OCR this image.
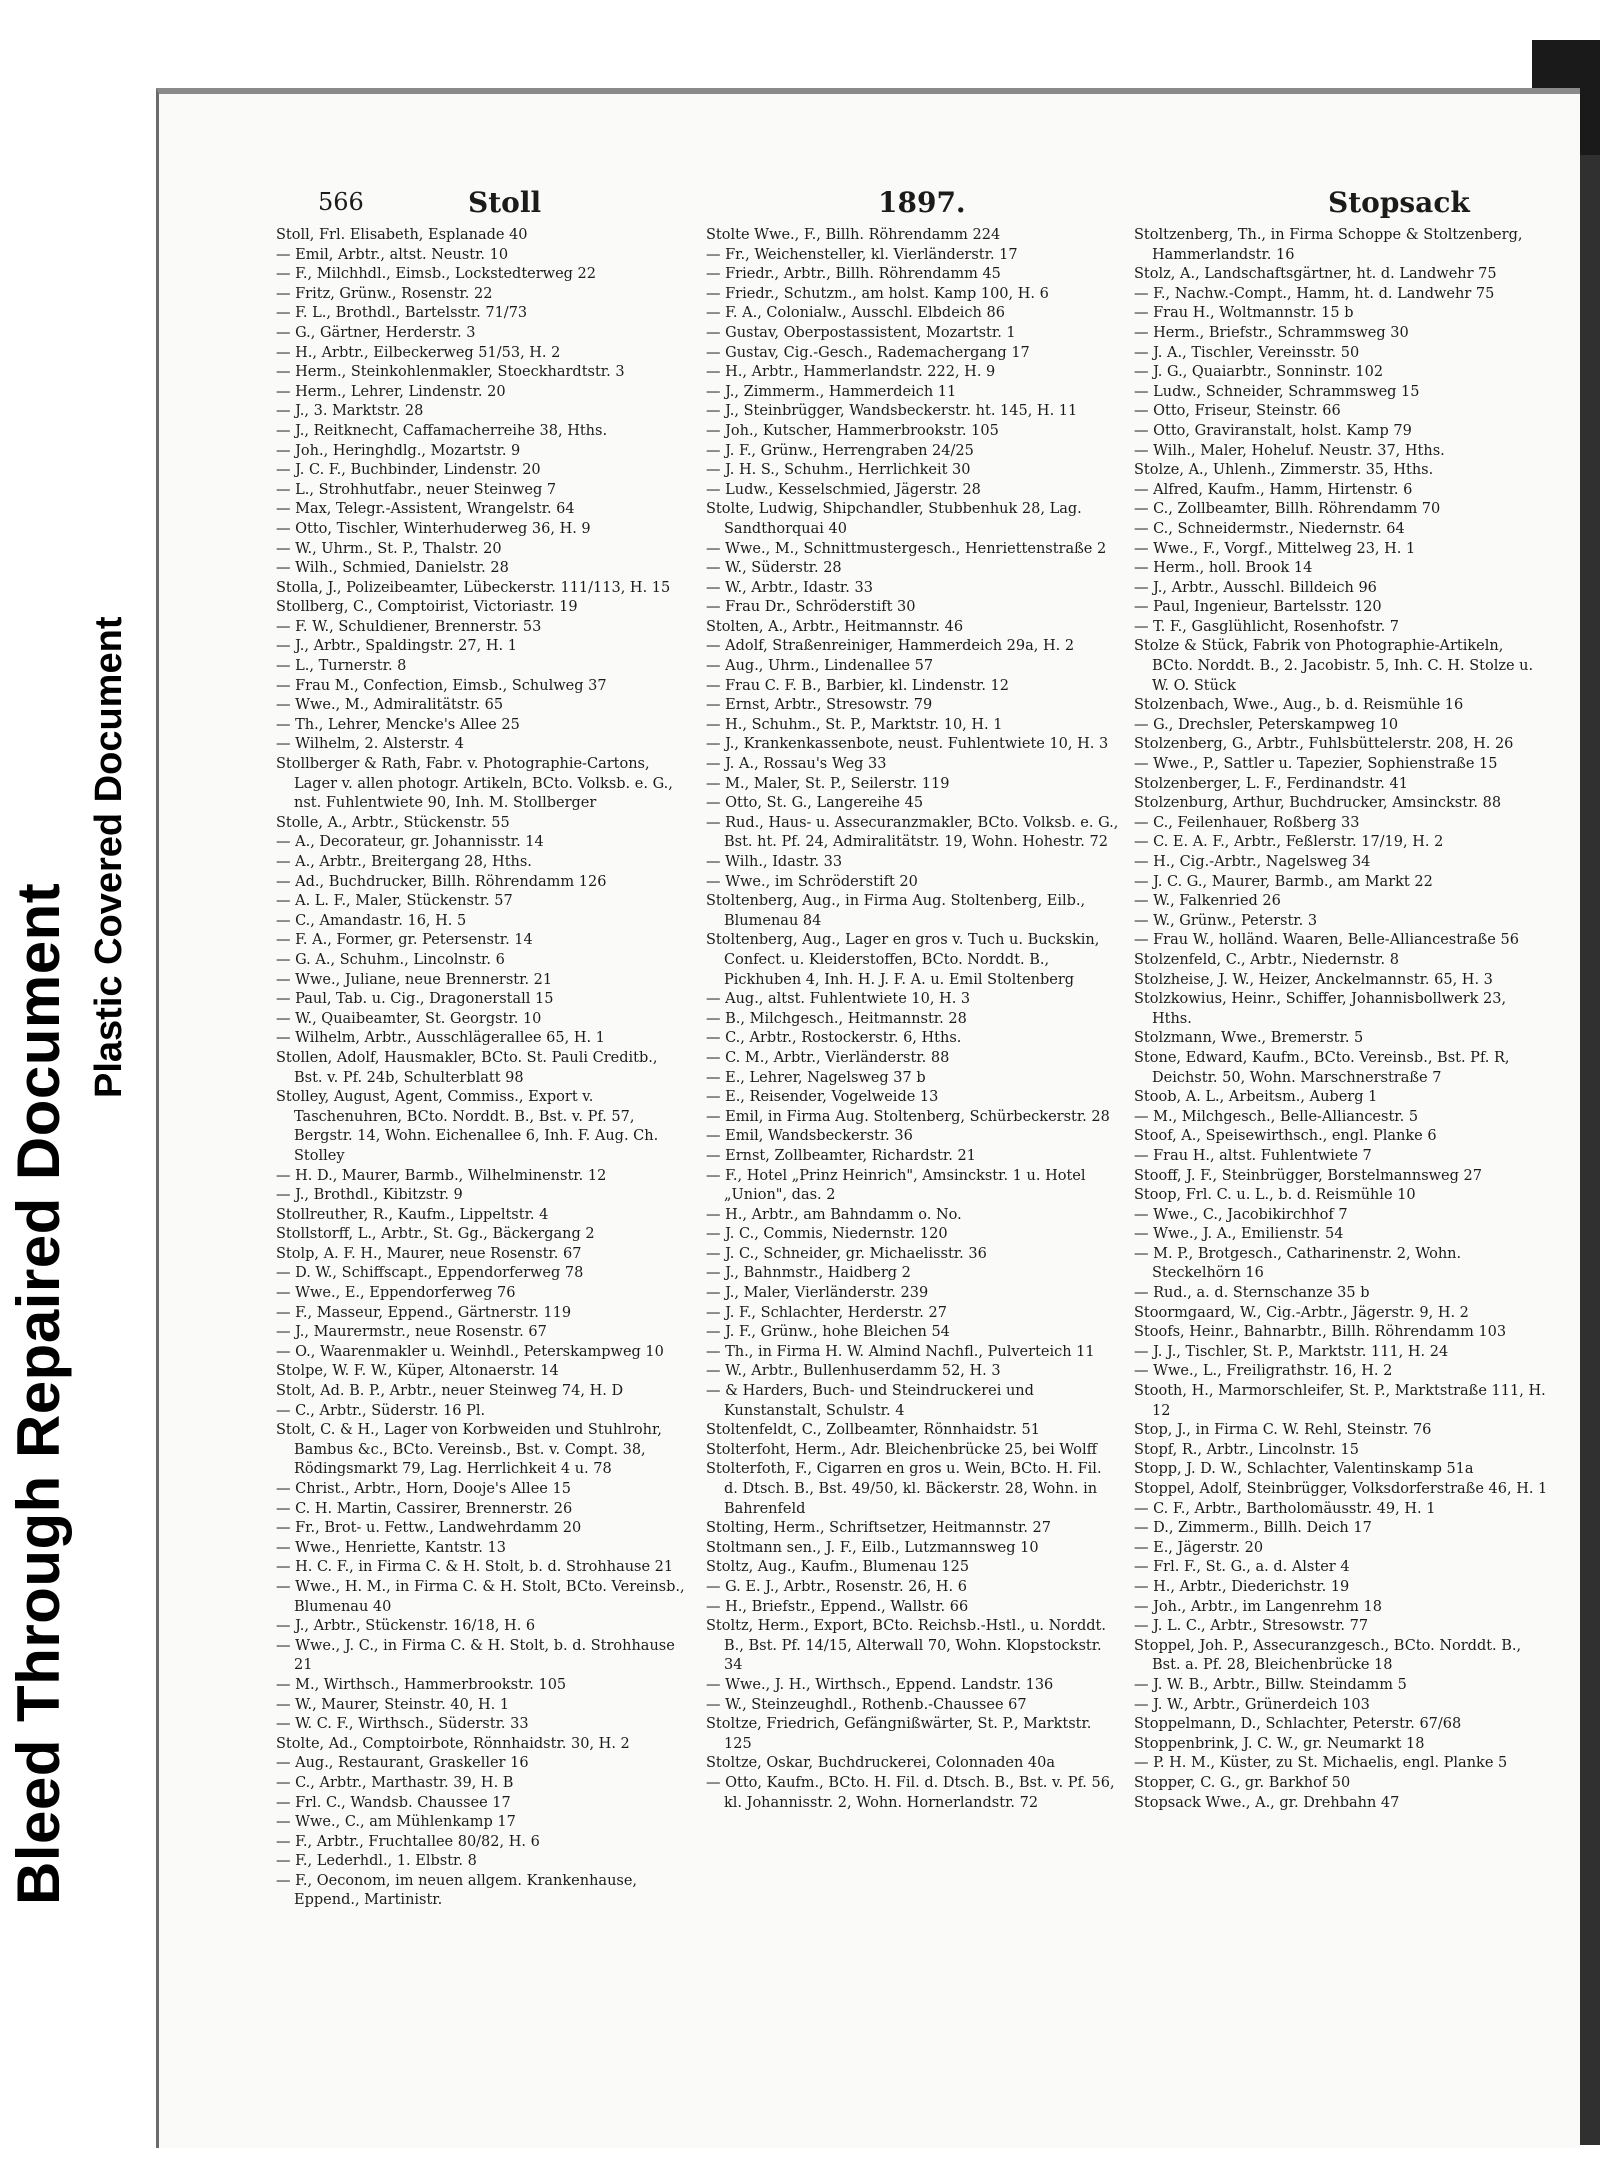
Bleed Through Repaired Document
Plastic Covered Document
566	Stoll	1897.	Stopsack

Stoll, Frl. Elisabeth, Esplanade 40

— Emil, Arbtr., altst. Neustr. 10

— F., Milchhdl., Eimsb., Lockstedterweg 22

— Fritz, Grünw., Rosenstr. 22

— F. L., Brothdl., Bartelsstr. 71/73

— G., Gärtner, Herderstr. 3

— H., Arbtr., Eilbeckerweg 51/53, H. 2

— Herm., Steinkohlenmakler, Stoeckhardtstr. 3

— Herm., Lehrer, Lindenstr. 20

— J., 3. Marktstr. 28

— J., Reitknecht, Caffamacherreihe 38, Hths.

— Joh., Heringhdlg., Mozartstr. 9

— J. C. F., Buchbinder, Lindenstr. 20

— L., Strohhutfabr., neuer Steinweg 7

— Max, Telegr.-Assistent, Wrangelstr. 64

— Otto, Tischler, Winterhuderweg 36, H. 9

— W., Uhrm., St. P., Thalstr. 20

— Wilh., Schmied, Danielstr. 28

Stolla, J., Polizeibeamter, Lübeckerstr. 111/113, H. 15

Stollberg, C., Comptoirist, Victoriastr. 19

— F. W., Schuldiener, Brennerstr. 53

— J., Arbtr., Spaldingstr. 27, H. 1

— L., Turnerstr. 8

— Frau M., Confection, Eimsb., Schulweg 37

— Wwe., M., Admiralitätstr. 65

— Th., Lehrer, Mencke's Allee 25

— Wilhelm, 2. Alsterstr. 4

Stollberger & Rath, Fabr. v. Photographie-Cartons, Lager v. allen photogr. Artikeln, BCto. Volksb. e. G., nst. Fuhlentwiete 90, Inh. M. Stollberger

Stolle, A., Arbtr., Stückenstr. 55

— A., Decorateur, gr. Johannisstr. 14

— A., Arbtr., Breitergang 28, Hths.

— Ad., Buchdrucker, Billh. Röhrendamm 126

— A. L. F., Maler, Stückenstr. 57

— C., Amandastr. 16, H. 5

— F. A., Former, gr. Petersenstr. 14

— G. A., Schuhm., Lincolnstr. 6

— Wwe., Juliane, neue Brennerstr. 21

— Paul, Tab. u. Cig., Dragonerstall 15

— W., Quaibeamter, St. Georgstr. 10

— Wilhelm, Arbtr., Ausschlägerallee 65, H. 1

Stollen, Adolf, Hausmakler, BCto. St. Pauli Creditb., Bst. v. Pf. 24b, Schulterblatt 98

Stolley, August, Agent, Commiss., Export v. Taschenuhren, BCto. Norddt. B., Bst. v. Pf. 57, Bergstr. 14, Wohn. Eichenallee 6, Inh. F. Aug. Ch. Stolley

— H. D., Maurer, Barmb., Wilhelminenstr. 12

— J., Brothdl., Kibitzstr. 9

Stollreuther, R., Kaufm., Lippeltstr. 4

Stollstorff, L., Arbtr., St. Gg., Bäckergang 2

Stolp, A. F. H., Maurer, neue Rosenstr. 67

— D. W., Schiffscapt., Eppendorferweg 78

— Wwe., E., Eppendorferweg 76

— F., Masseur, Eppend., Gärtnerstr. 119

— J., Maurermstr., neue Rosenstr. 67

— O., Waarenmakler u. Weinhdl., Peterskampweg 10

Stolpe, W. F. W., Küper, Altonaerstr. 14

Stolt, Ad. B. P., Arbtr., neuer Steinweg 74, H. D

— C., Arbtr., Süderstr. 16 Pl.

Stolt, C. & H., Lager von Korbweiden und Stuhlrohr, Bambus &c., BCto. Vereinsb., Bst. v. Compt. 38, Rödingsmarkt 79, Lag. Herrlichkeit 4 u. 78

— Christ., Arbtr., Horn, Dooje's Allee 15

— C. H. Martin, Cassirer, Brennerstr. 26

— Fr., Brot- u. Fettw., Landwehrdamm 20

— Wwe., Henriette, Kantstr. 13

— H. C. F., in Firma C. & H. Stolt, b. d. Strohhause 21

— Wwe., H. M., in Firma C. & H. Stolt, BCto. Vereinsb., Blumenau 40

— J., Arbtr., Stückenstr. 16/18, H. 6

— Wwe., J. C., in Firma C. & H. Stolt, b. d. Strohhause 21

— M., Wirthsch., Hammerbrookstr. 105

— W., Maurer, Steinstr. 40, H. 1

— W. C. F., Wirthsch., Süderstr. 33

Stolte, Ad., Comptoirbote, Rönnhaidstr. 30, H. 2

— Aug., Restaurant, Graskeller 16

— C., Arbtr., Marthastr. 39, H. B

— Frl. C., Wandsb. Chaussee 17

— Wwe., C., am Mühlenkamp 17

— F., Arbtr., Fruchtallee 80/82, H. 6

— F., Lederhdl., 1. Elbstr. 8

— F., Oeconom, im neuen allgem. Krankenhause, Eppend., Martinistr.

Stolte Wwe., F., Billh. Röhrendamm 224

— Fr., Weichensteller, kl. Vierländerstr. 17

— Friedr., Arbtr., Billh. Röhrendamm 45

— Friedr., Schutzm., am holst. Kamp 100, H. 6

— F. A., Colonialw., Ausschl. Elbdeich 86

— Gustav, Oberpostassistent, Mozartstr. 1

— Gustav, Cig.-Gesch., Rademachergang 17

— H., Arbtr., Hammerlandstr. 222, H. 9

— J., Zimmerm., Hammerdeich 11

— J., Steinbrügger, Wandsbeckerstr. ht. 145, H. 11

— Joh., Kutscher, Hammerbrookstr. 105

— J. F., Grünw., Herrengraben 24/25

— J. H. S., Schuhm., Herrlichkeit 30

— Ludw., Kesselschmied, Jägerstr. 28

Stolte, Ludwig, Shipchandler, Stubbenhuk 28, Lag. Sandthorquai 40

— Wwe., M., Schnittmustergesch., Henriettenstraße 2

— W., Süderstr. 28

— W., Arbtr., Idastr. 33

— Frau Dr., Schröderstift 30

Stolten, A., Arbtr., Heitmannstr. 46

— Adolf, Straßenreiniger, Hammerdeich 29a, H. 2

— Aug., Uhrm., Lindenallee 57

— Frau C. F. B., Barbier, kl. Lindenstr. 12

— Ernst, Arbtr., Stresowstr. 79

— H., Schuhm., St. P., Marktstr. 10, H. 1

— J., Krankenkassenbote, neust. Fuhlentwiete 10, H. 3

— J. A., Rossau's Weg 33

— M., Maler, St. P., Seilerstr. 119

— Otto, St. G., Langereihe 45

— Rud., Haus- u. Assecuranzmakler, BCto. Volksb. e. G., Bst. ht. Pf. 24, Admiralitätstr. 19, Wohn. Hohestr. 72

— Wilh., Idastr. 33

— Wwe., im Schröderstift 20

Stoltenberg, Aug., in Firma Aug. Stoltenberg, Eilb., Blumenau 84

Stoltenberg, Aug., Lager en gros v. Tuch u. Buckskin, Confect. u. Kleiderstoffen, BCto. Norddt. B., Pickhuben 4, Inh. H. J. F. A. u. Emil Stoltenberg

— Aug., altst. Fuhlentwiete 10, H. 3

— B., Milchgesch., Heitmannstr. 28

— C., Arbtr., Rostockerstr. 6, Hths.

— C. M., Arbtr., Vierländerstr. 88

— E., Lehrer, Nagelsweg 37 b

— E., Reisender, Vogelweide 13

— Emil, in Firma Aug. Stoltenberg, Schürbeckerstr. 28

— Emil, Wandsbeckerstr. 36

— Ernst, Zollbeamter, Richardstr. 21

— F., Hotel „Prinz Heinrich", Amsinckstr. 1 u. Hotel „Union", das. 2

— H., Arbtr., am Bahndamm o. No.

— J. C., Commis, Niedernstr. 120

— J. C., Schneider, gr. Michaelisstr. 36

— J., Bahnmstr., Haidberg 2

— J., Maler, Vierländerstr. 239

— J. F., Schlachter, Herderstr. 27

— J. F., Grünw., hohe Bleichen 54

— Th., in Firma H. W. Almind Nachfl., Pulverteich 11

— W., Arbtr., Bullenhuserdamm 52, H. 3

— & Harders, Buch- und Steindruckerei und Kunstanstalt, Schulstr. 4

Stoltenfeldt, C., Zollbeamter, Rönnhaidstr. 51

Stolterfoht, Herm., Adr. Bleichenbrücke 25, bei Wolff

Stolterfoth, F., Cigarren en gros u. Wein, BCto. H. Fil. d. Dtsch. B., Bst. 49/50, kl. Bäckerstr. 28, Wohn. in Bahrenfeld

Stolting, Herm., Schriftsetzer, Heitmannstr. 27

Stoltmann sen., J. F., Eilb., Lutzmannsweg 10

Stoltz, Aug., Kaufm., Blumenau 125

— G. E. J., Arbtr., Rosenstr. 26, H. 6

— H., Briefstr., Eppend., Wallstr. 66

Stoltz, Herm., Export, BCto. Reichsb.-Hstl., u. Norddt. B., Bst. Pf. 14/15, Alterwall 70, Wohn. Klopstockstr. 34

— Wwe., J. H., Wirthsch., Eppend. Landstr. 136

— W., Steinzeughdl., Rothenb.-Chaussee 67

Stoltze, Friedrich, Gefängnißwärter, St. P., Marktstr. 125

Stoltze, Oskar, Buchdruckerei, Colonnaden 40a

— Otto, Kaufm., BCto. H. Fil. d. Dtsch. B., Bst. v. Pf. 56, kl. Johannisstr. 2, Wohn. Hornerlandstr. 72

Stoltzenberg, Th., in Firma Schoppe & Stoltzenberg, Hammerlandstr. 16

Stolz, A., Landschaftsgärtner, ht. d. Landwehr 75

— F., Nachw.-Compt., Hamm, ht. d. Landwehr 75

— Frau H., Woltmannstr. 15 b

— Herm., Briefstr., Schrammsweg 30

— J. A., Tischler, Vereinsstr. 50

— J. G., Quaiarbtr., Sonninstr. 102

— Ludw., Schneider, Schrammsweg 15

— Otto, Friseur, Steinstr. 66

— Otto, Graviranstalt, holst. Kamp 79

— Wilh., Maler, Hoheluf. Neustr. 37, Hths.

Stolze, A., Uhlenh., Zimmerstr. 35, Hths.

— Alfred, Kaufm., Hamm, Hirtenstr. 6

— C., Zollbeamter, Billh. Röhrendamm 70

— C., Schneidermstr., Niedernstr. 64

— Wwe., F., Vorgf., Mittelweg 23, H. 1

— Herm., holl. Brook 14

— J., Arbtr., Ausschl. Billdeich 96

— Paul, Ingenieur, Bartelsstr. 120

— T. F., Gasglühlicht, Rosenhofstr. 7

Stolze & Stück, Fabrik von Photographie-Artikeln, BCto. Norddt. B., 2. Jacobistr. 5, Inh. C. H. Stolze u. W. O. Stück

Stolzenbach, Wwe., Aug., b. d. Reismühle 16

— G., Drechsler, Peterskampweg 10

Stolzenberg, G., Arbtr., Fuhlsbüttelerstr. 208, H. 26

— Wwe., P., Sattler u. Tapezier, Sophienstraße 15

Stolzenberger, L. F., Ferdinandstr. 41

Stolzenburg, Arthur, Buchdrucker, Amsinckstr. 88

— C., Feilenhauer, Roßberg 33

— C. E. A. F., Arbtr., Feßlerstr. 17/19, H. 2

— H., Cig.-Arbtr., Nagelsweg 34

— J. C. G., Maurer, Barmb., am Markt 22

— W., Falkenried 26

— W., Grünw., Peterstr. 3

— Frau W., holländ. Waaren, Belle-Alliancestraße 56

Stolzenfeld, C., Arbtr., Niedernstr. 8

Stolzheise, J. W., Heizer, Anckelmannstr. 65, H. 3

Stolzkowius, Heinr., Schiffer, Johannisbollwerk 23, Hths.

Stolzmann, Wwe., Bremerstr. 5

Stone, Edward, Kaufm., BCto. Vereinsb., Bst. Pf. R, Deichstr. 50, Wohn. Marschnerstraße 7

Stoob, A. L., Arbeitsm., Auberg 1

— M., Milchgesch., Belle-Alliancestr. 5

Stoof, A., Speisewirthsch., engl. Planke 6

— Frau H., altst. Fuhlentwiete 7

Stooff, J. F., Steinbrügger, Borstelmannsweg 27

Stoop, Frl. C. u. L., b. d. Reismühle 10

— Wwe., C., Jacobikirchhof 7

— Wwe., J. A., Emilienstr. 54

— M. P., Brotgesch., Catharinenstr. 2, Wohn. Steckelhörn 16

— Rud., a. d. Sternschanze 35 b

Stoormgaard, W., Cig.-Arbtr., Jägerstr. 9, H. 2

Stoofs, Heinr., Bahnarbtr., Billh. Röhrendamm 103

— J. J., Tischler, St. P., Marktstr. 111, H. 24

— Wwe., L., Freiligrathstr. 16, H. 2

Stooth, H., Marmorschleifer, St. P., Marktstraße 111, H. 12

Stop, J., in Firma C. W. Rehl, Steinstr. 76

Stopf, R., Arbtr., Lincolnstr. 15

Stopp, J. D. W., Schlachter, Valentinskamp 51a

Stoppel, Adolf, Steinbrügger, Volksdorferstraße 46, H. 1

— C. F., Arbtr., Bartholomäusstr. 49, H. 1

— D., Zimmerm., Billh. Deich 17

— E., Jägerstr. 20

— Frl. F., St. G., a. d. Alster 4

— H., Arbtr., Diederichstr. 19

— Joh., Arbtr., im Langenrehm 18

— J. L. C., Arbtr., Stresowstr. 77

Stoppel, Joh. P., Assecuranzgesch., BCto. Norddt. B., Bst. a. Pf. 28, Bleichenbrücke 18

— J. W. B., Arbtr., Billw. Steindamm 5

— J. W., Arbtr., Grünerdeich 103

Stoppelmann, D., Schlachter, Peterstr. 67/68

Stoppenbrink, J. C. W., gr. Neumarkt 18

— P. H. M., Küster, zu St. Michaelis, engl. Planke 5

Stopper, C. G., gr. Barkhof 50

Stopsack Wwe., A., gr. Drehbahn 47
